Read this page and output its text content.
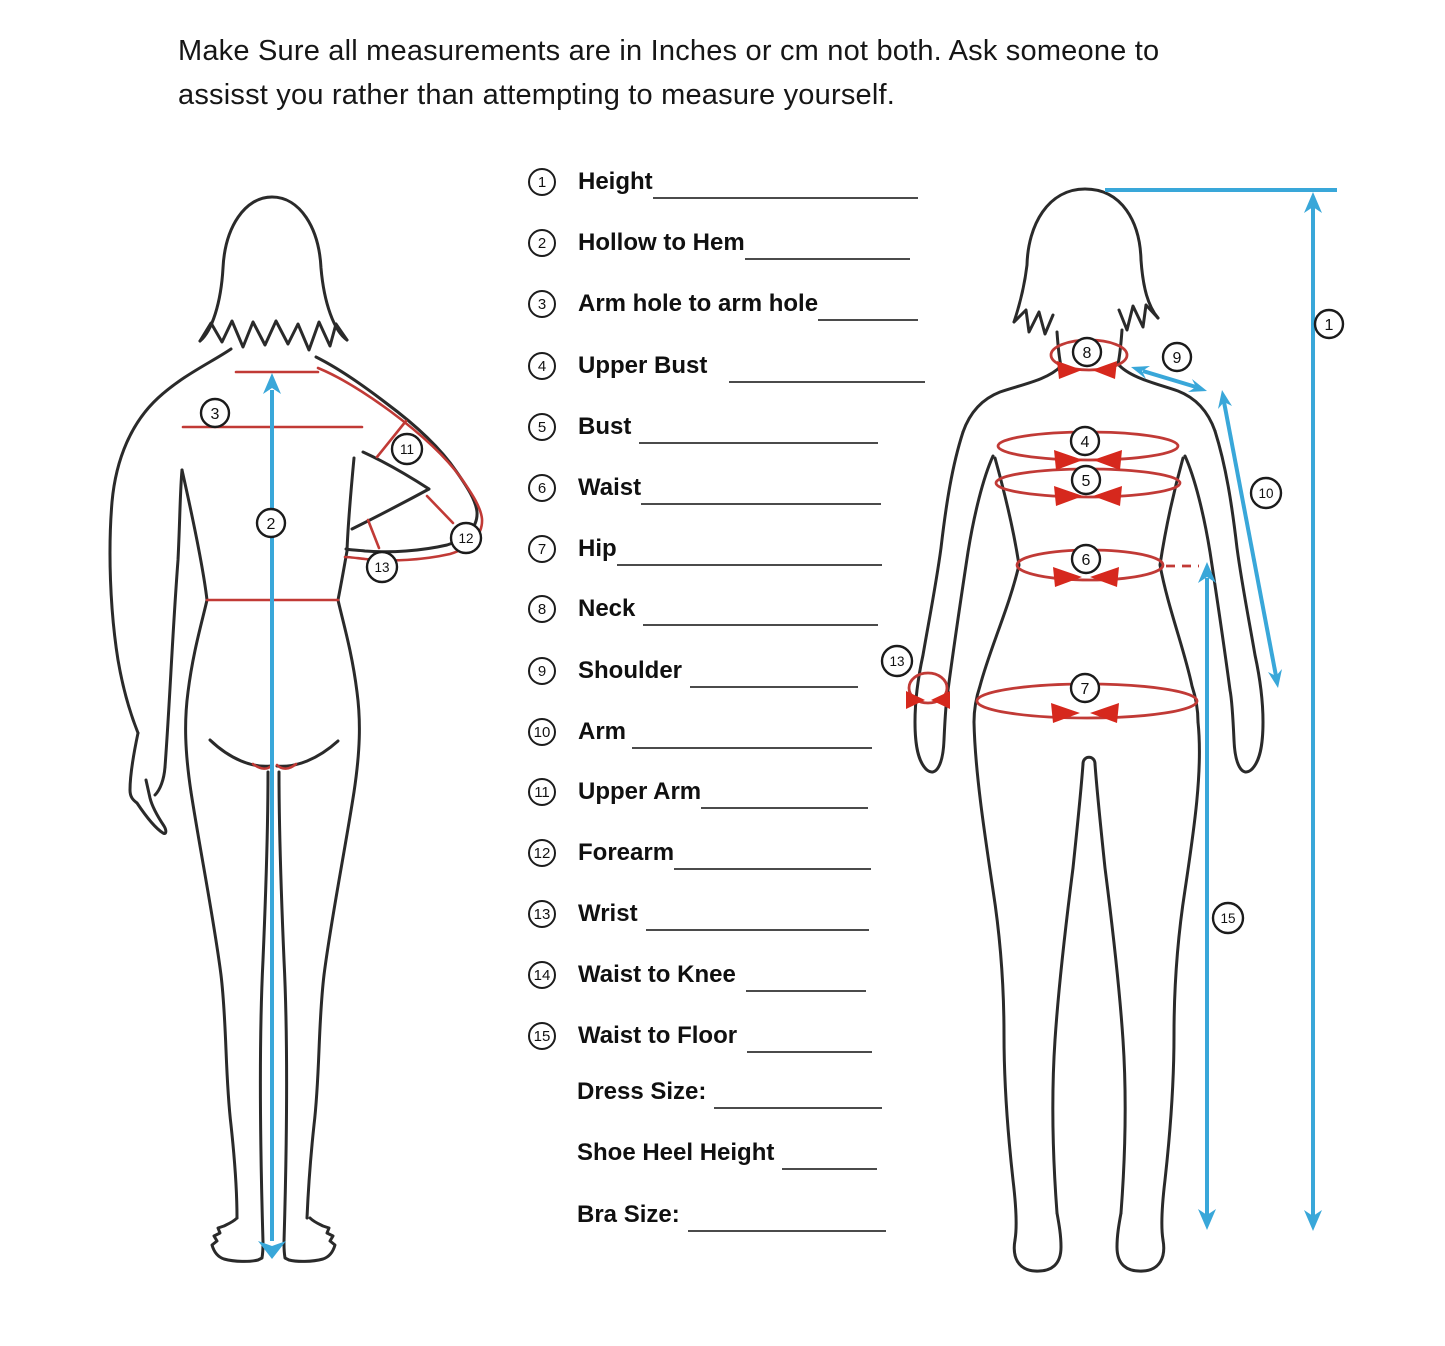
Make Sure all measurements are in Inches or cm not both. Ask someone to
assisst you rather than attempting to measure yourself.
1	Height
2	Hollow to Hem
3	Arm hole to arm hole
4	Upper Bust
5	Bust
6	Waist
7	Hip
8	Neck
9	Shoulder
10 Arm
11 Upper Arm
12 Forearm
13 Wrist
14 Waist to Knee
15 Waist to Floor
Dress Size:
Shoe Heel Height
Bra Size:
3
2
11
12
13
8	9
4
5
10
6
13
7
15
1
